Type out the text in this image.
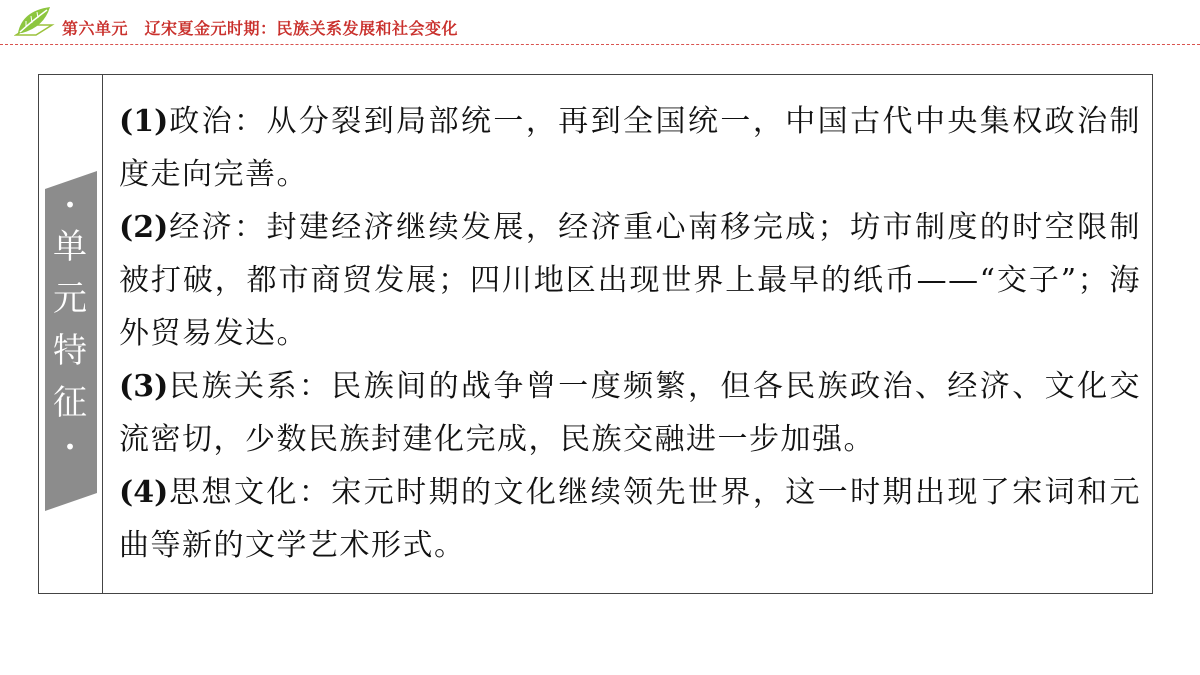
第六单元　辽宋夏金元时期：民族关系发展和社会变化
•
单
元
特
征
•

(1)政治：从分裂到局部统一，再到全国统一，中国古代中央集权政治制度走向完善。

(2)经济：封建经济继续发展，经济重心南移完成；坊市制度的时空限制被打破，都市商贸发展；四川地区出现世界上最早的纸币——“交子”；海外贸易发达。

(3)民族关系：民族间的战争曾一度频繁，但各民族政治、经济、文化交流密切，少数民族封建化完成，民族交融进一步加强。

(4)思想文化：宋元时期的文化继续领先世界，这一时期出现了宋词和元曲等新的文学艺术形式。
